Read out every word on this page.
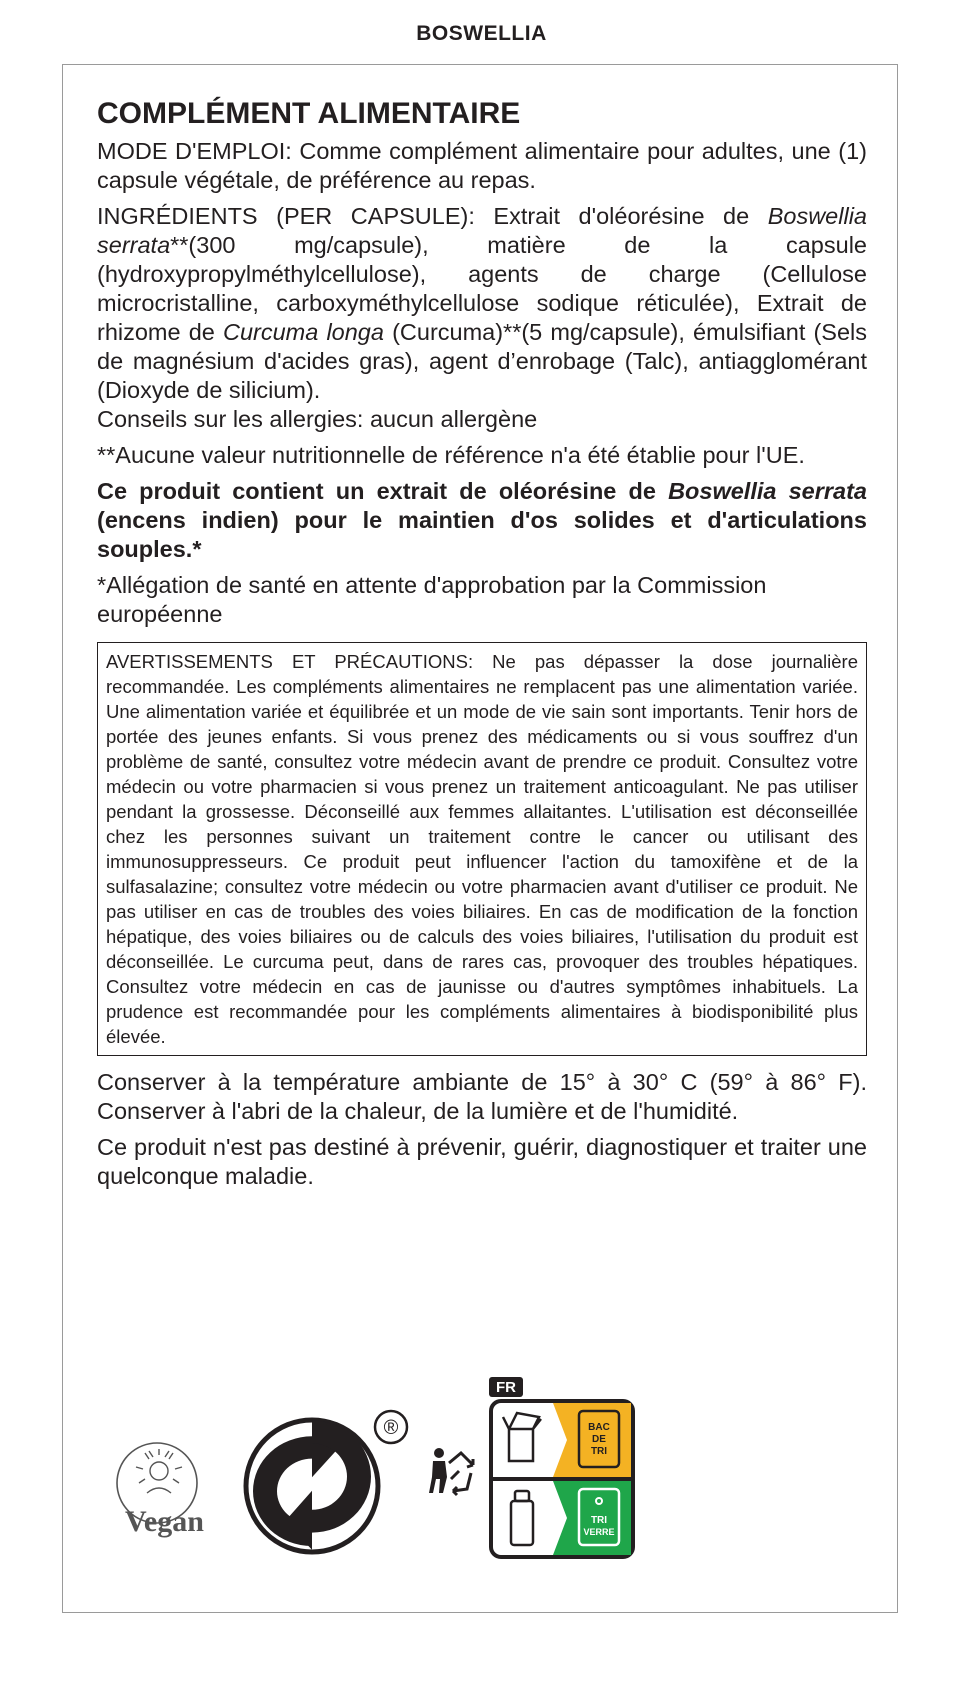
BOSWELLIA
COMPLÉMENT ALIMENTAIRE

MODE D'EMPLOI: Comme complément alimentaire pour adultes, une (1) capsule végétale, de préférence au repas.

INGRÉDIENTS (PER CAPSULE): Extrait d'oléorésine de Boswellia serrata**(300 mg/capsule), matière de la capsule (hydroxypropylméthylcellulose), agents de charge (Cellulose microcristalline, carboxyméthylcellulose sodique réticulée), Extrait de rhizome de Curcuma longa (Curcuma)**(5 mg/capsule), émulsifiant (Sels de magnésium d'acides gras), agent d’enrobage (Talc), antiagglomérant (Dioxyde de silicium).

Conseils sur les allergies: aucun allergène

**Aucune valeur nutritionnelle de référence n'a été établie pour l'UE.

Ce produit contient un extrait de oléorésine de Boswellia serrata (encens indien) pour le maintien d'os solides et d'articulations souples.*

*Allégation de santé en attente d'approbation par la Commission européenne

AVERTISSEMENTS ET PRÉCAUTIONS: Ne pas dépasser la dose journalière recommandée. Les compléments alimentaires ne remplacent pas une alimentation variée. Une alimentation variée et équilibrée et un mode de vie sain sont importants. Tenir hors de portée des jeunes enfants. Si vous prenez des médicaments ou si vous souffrez d'un problème de santé, consultez votre médecin avant de prendre ce produit. Consultez votre médecin ou votre pharmacien si vous prenez un traitement anticoagulant. Ne pas utiliser pendant la grossesse. Déconseillé aux femmes allaitantes. L'utilisation est déconseillée chez les personnes suivant un traitement contre le cancer ou utilisant des immunosuppresseurs. Ce produit peut influencer l'action du tamoxifène et de la sulfasalazine; consultez votre médecin ou votre pharmacien avant d'utiliser ce produit. Ne pas utiliser en cas de troubles des voies biliaires. En cas de modification de la fonction hépatique, des voies biliaires ou de calculs des voies biliaires, l'utilisation du produit est déconseillée. Le curcuma peut, dans de rares cas, provoquer des troubles hépatiques. Consultez votre médecin en cas de jaunisse ou d'autres symptômes inhabituels. La prudence est recommandée pour les compléments alimentaires à biodisponibilité plus élevée.

Conserver à la température ambiante de 15° à 30° C (59° à 86° F). Conserver à l'abri de la chaleur, de la lumière et de l'humidité.

Ce produit n'est pas destiné à prévenir, guérir, diagnostiquer et traiter une quelconque maladie.

Vegan
®
FR
BAC
DE
TRI
TRI
VERRE
